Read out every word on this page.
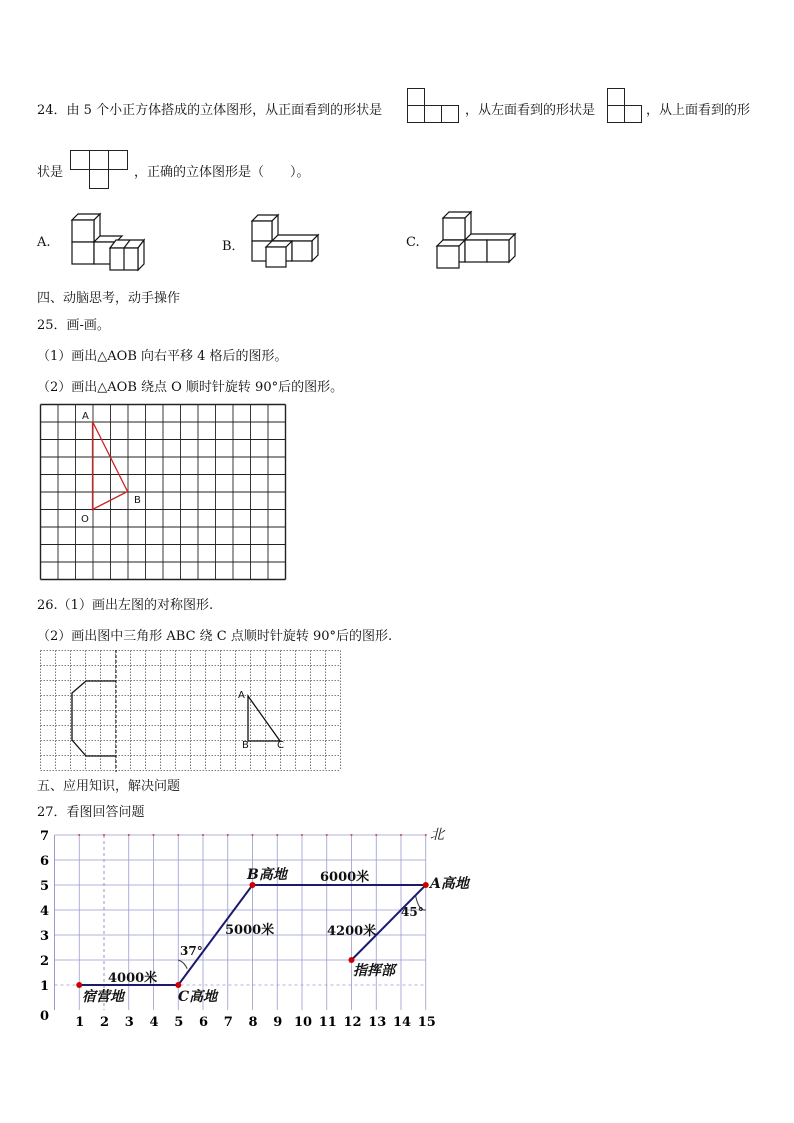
24．由 5 个小正方体搭成的立体图形，从正面看到的形状是	，从左面看到的形状是	，从上面看到的形
状是	，正确的立体图形是（　　）。
A.	B．	C.
四、动脑思考，动手操作
25．画-画。
（1）画出△AOB 向右平移 4 格后的图形。
（2）画出△AOB 绕点 O 顺时针旋转 90°后的图形。
A
O
B
26.（1）画出左图的对称图形.
（2）画出图中三角形 ABC 绕 C 点顺时针旋转 90°后的图形.
A
B	C
五、应用知识，解决问题
27．看图回答问题
1
2
3
4
5
6
7
0 1 2 3 4 5 6 7 8 9 10 11 12 13 14 15
北
宿营地	C高地
B高地
A高地
指挥部
4000米
5000米
6000米
4200米
37°
45°
